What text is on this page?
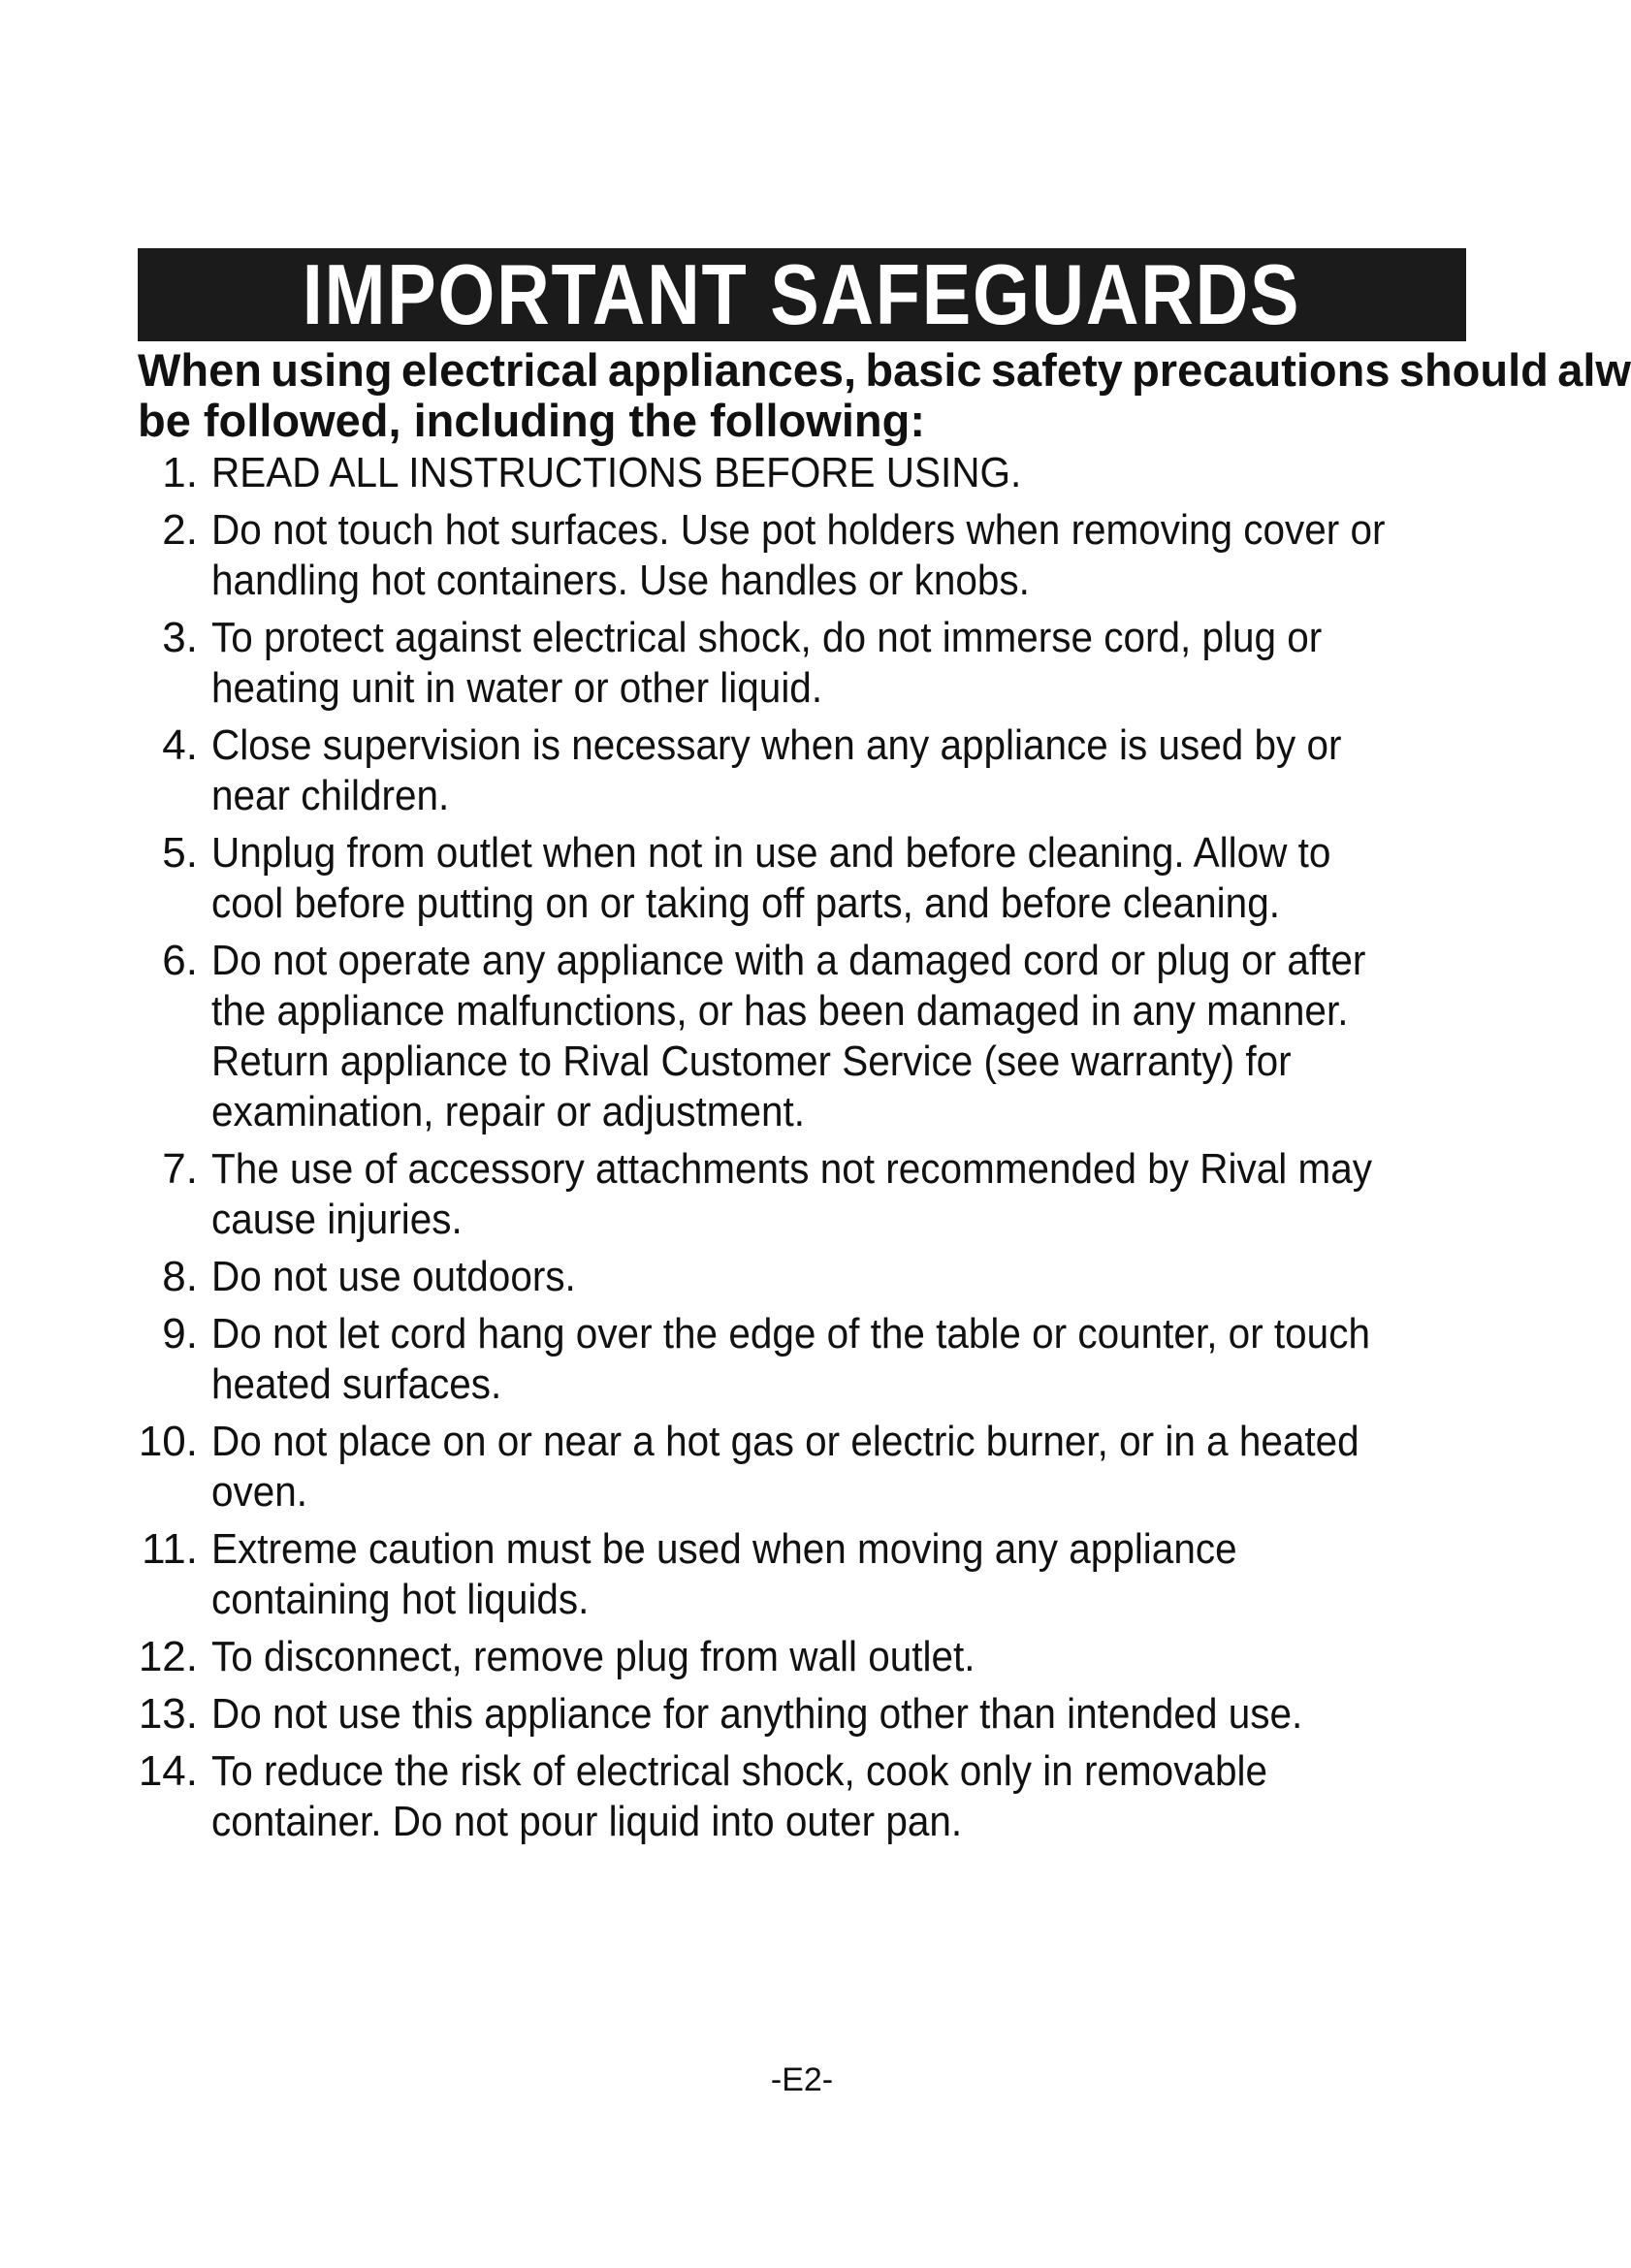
IMPORTANT SAFEGUARDS
When using electrical appliances, basic safety precautions should alw
be followed, including the following:
1. READ ALL INSTRUCTIONS BEFORE USING.
2. Do not touch hot surfaces. Use pot holders when removing cover or handling hot containers. Use handles or knobs.
3. To protect against electrical shock, do not immerse cord, plug or heating unit in water or other liquid.
4. Close supervision is necessary when any appliance is used by or near children.
5. Unplug from outlet when not in use and before cleaning. Allow to cool before putting on or taking off parts, and before cleaning.
6. Do not operate any appliance with a damaged cord or plug or after the appliance malfunctions, or has been damaged in any manner. Return appliance to Rival Customer Service (see warranty) for examination, repair or adjustment.
7. The use of accessory attachments not recommended by Rival may cause injuries.
8. Do not use outdoors.
9. Do not let cord hang over the edge of the table or counter, or touch heated surfaces.
10. Do not place on or near a hot gas or electric burner, or in a heated oven.
11. Extreme caution must be used when moving any appliance containing hot liquids.
12. To disconnect, remove plug from wall outlet.
13. Do not use this appliance for anything other than intended use.
14. To reduce the risk of electrical shock, cook only in removable container. Do not pour liquid into outer pan.
-E2-
